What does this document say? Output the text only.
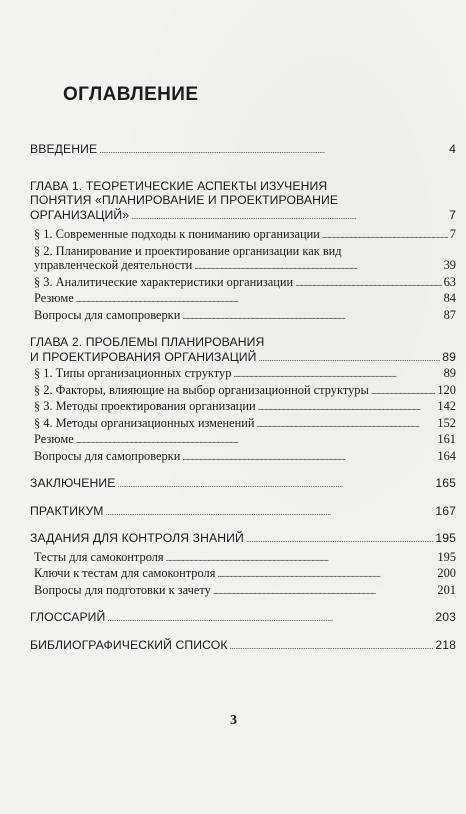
ОГЛАВЛЕНИЕ
ВВЕДЕНИЕ . . .	4
ГЛАВА 1. ТЕОРЕТИЧЕСКИЕ АСПЕКТЫ ИЗУЧЕНИЯ
ПОНЯТИЯ «ПЛАНИРОВАНИЕ И ПРОЕКТИРОВАНИЕ
ОРГАНИЗАЦИЙ» . . .	7
§ 1. Современные подходы к пониманию организации . . .	7
§ 2. Планирование и проектирование организации как вид
управленческой деятельности . . .	39
§ 3. Аналитические характеристики организации . . .	63
Резюме . . .	84
Вопросы для самопроверки . . .	87
ГЛАВА 2. ПРОБЛЕМЫ ПЛАНИРОВАНИЯ
И ПРОЕКТИРОВАНИЯ ОРГАНИЗАЦИЙ . . .	89
§ 1. Типы организационных структур . . .	89
§ 2. Факторы, влияющие на выбор организационной структуры . . .	120
§ 3. Методы проектирования организации . . .	142
§ 4. Методы организационных изменений . . .	152
Резюме . . .	161
Вопросы для самопроверки . . .	164
ЗАКЛЮЧЕНИЕ . . .	165
ПРАКТИКУМ . . .	167
ЗАДАНИЯ ДЛЯ КОНТРОЛЯ ЗНАНИЙ . . .	195
Тесты для самоконтроля . . .	195
Ключи к тестам для самоконтроля . . .	200
Вопросы для подготовки к зачету . . .	201
ГЛОССАРИЙ . . .	203
БИБЛИОГРАФИЧЕСКИЙ СПИСОК . . .	218
3
